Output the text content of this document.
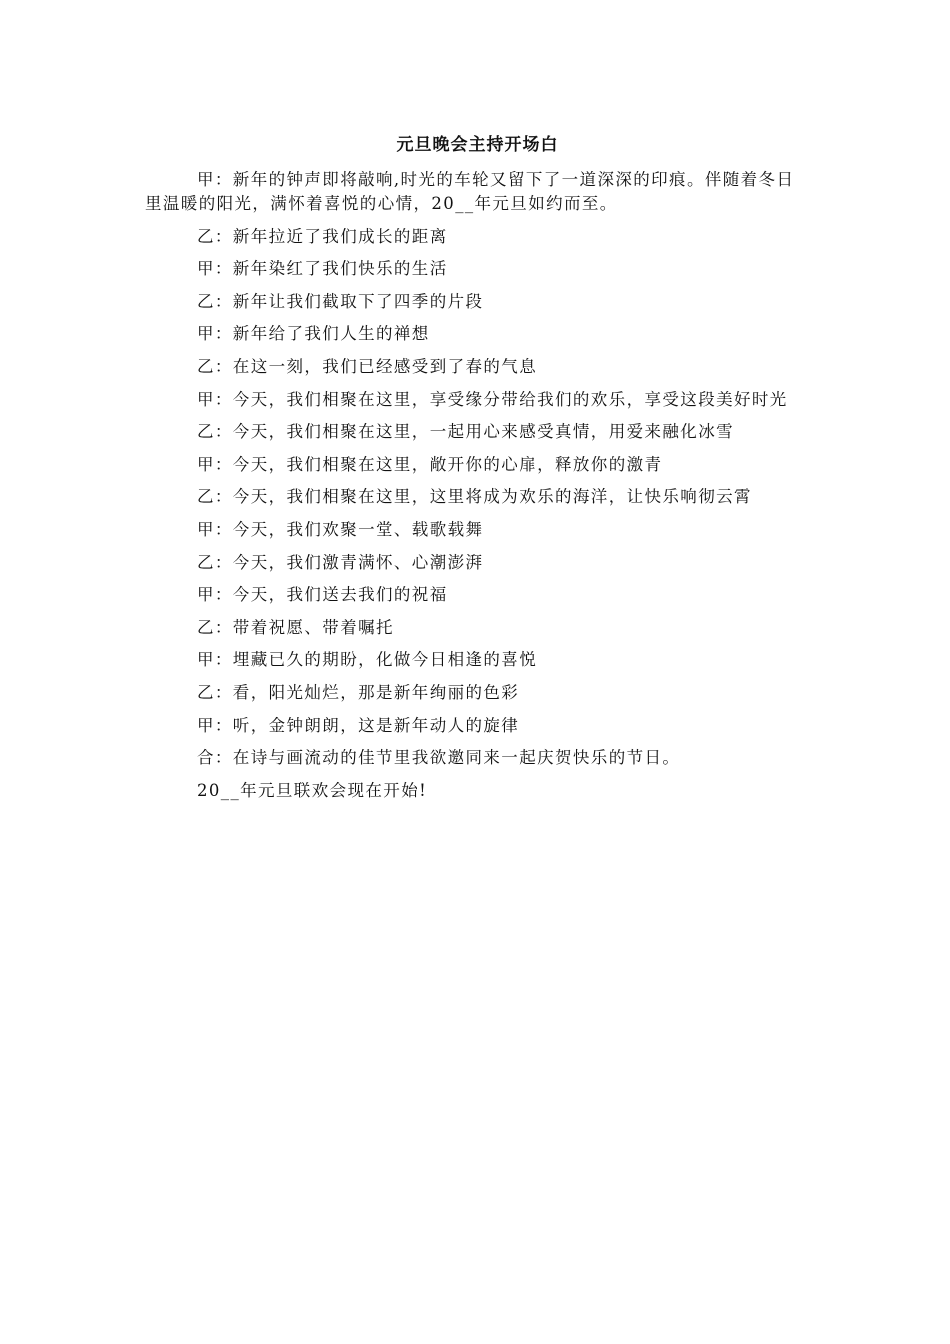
元旦晚会主持开场白

甲：新年的钟声即将敲响,时光的车轮又留下了一道深深的印痕。伴随着冬日里温暖的阳光，满怀着喜悦的心情，20__年元旦如约而至。

乙：新年拉近了我们成长的距离

甲：新年染红了我们快乐的生活

乙：新年让我们截取下了四季的片段

甲：新年给了我们人生的禅想

乙：在这一刻，我们已经感受到了春的气息

甲：今天，我们相聚在这里，享受缘分带给我们的欢乐，享受这段美好时光

乙：今天，我们相聚在这里，一起用心来感受真情，用爱来融化冰雪

甲：今天，我们相聚在这里，敞开你的心扉，释放你的激青

乙：今天，我们相聚在这里，这里将成为欢乐的海洋，让快乐响彻云霄

甲：今天，我们欢聚一堂、载歌载舞

乙：今天，我们激青满怀、心潮澎湃

甲：今天，我们送去我们的祝福

乙：带着祝愿、带着嘱托

甲：埋藏已久的期盼，化做今日相逢的喜悦

乙：看，阳光灿烂，那是新年绚丽的色彩

甲：听，金钟朗朗，这是新年动人的旋律

合：在诗与画流动的佳节里我欲邀同来一起庆贺快乐的节日。

20__年元旦联欢会现在开始!
